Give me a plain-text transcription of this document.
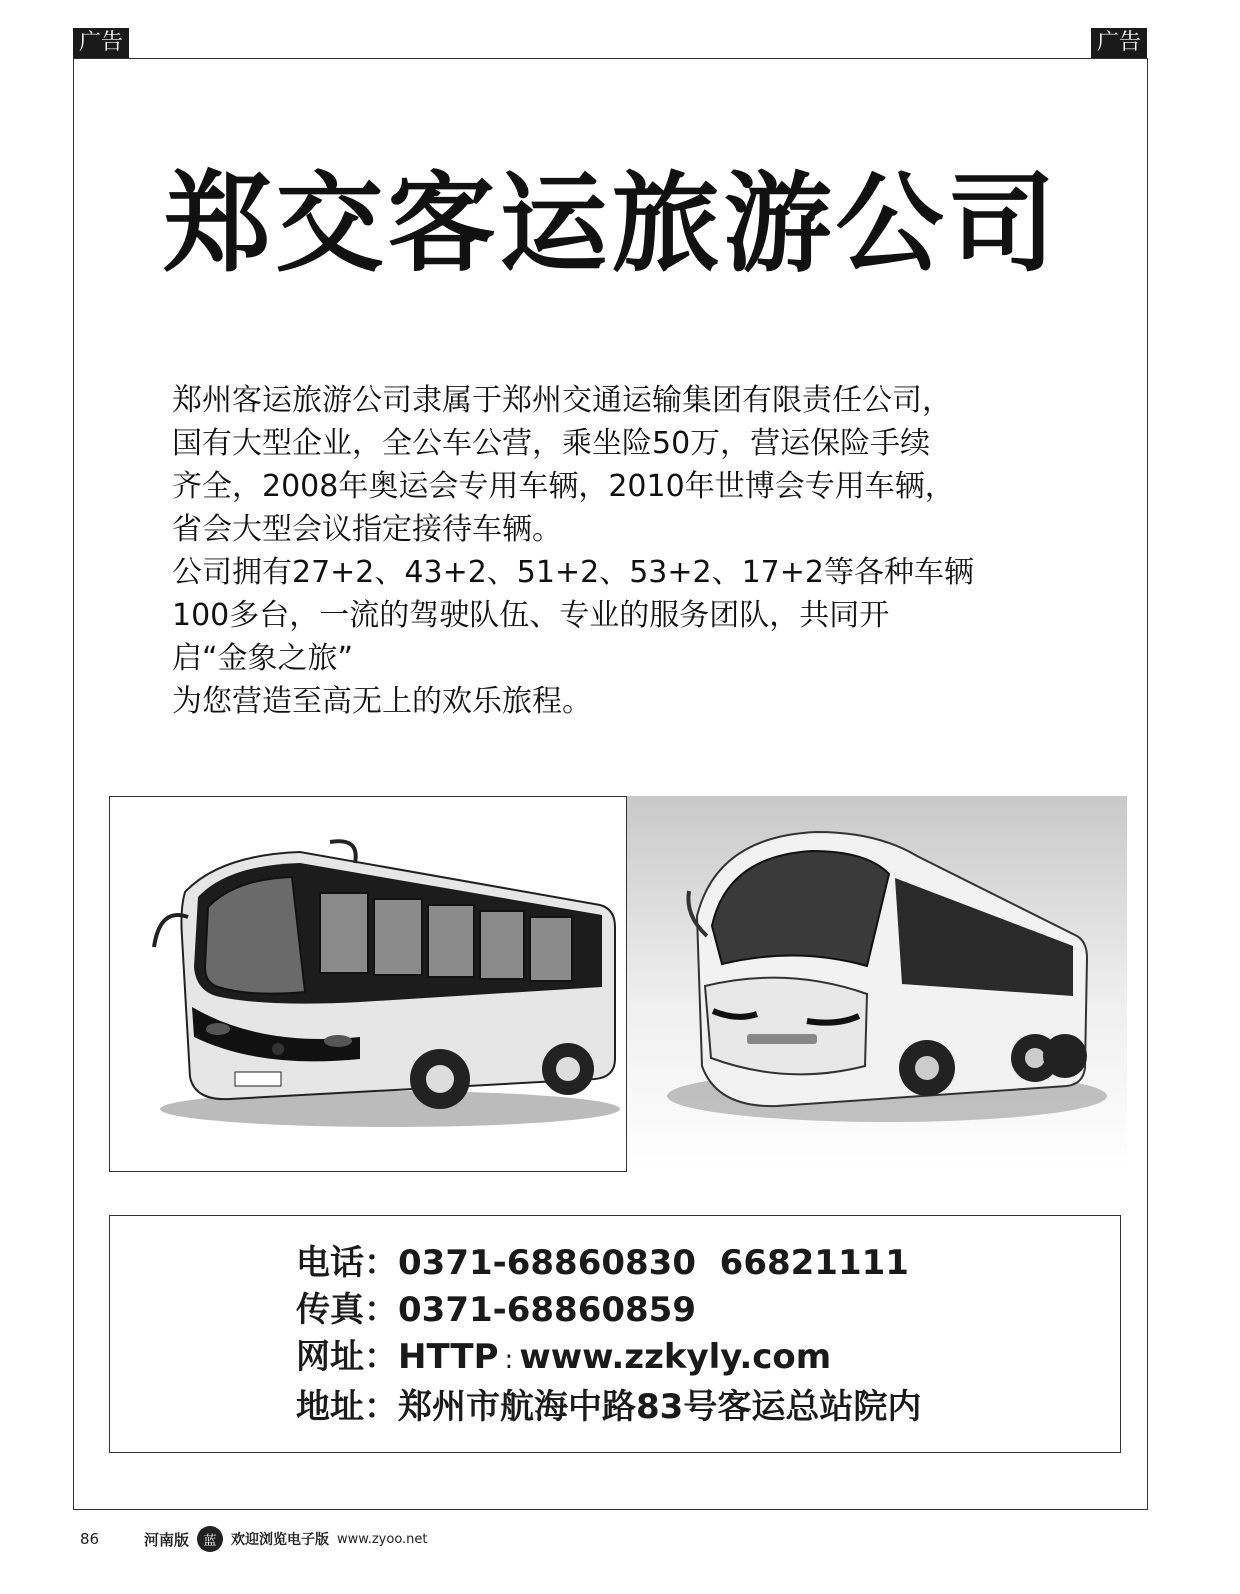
广告	广告
郑交客运旅游公司

郑州客运旅游公司隶属于郑州交通运输集团有限责任公司，

国有大型企业，全公车公营，乘坐险50万，营运保险手续

齐全，2008年奥运会专用车辆，2010年世博会专用车辆，

省会大型会议指定接待车辆。

公司拥有27+2、43+2、51+2、53+2、17+2等各种车辆

100多台，一流的驾驶队伍、专业的服务团队，共同开

启“金象之旅”

为您营造至高无上的欢乐旅程。

电话：0371-68860830  66821111
传真：0371-68860859
网址：HTTP : www.zzkyly.com
地址：郑州市航海中路83号客运总站院内
86	河南版	蓝	欢迎浏览电子版 www.zyoo.net
